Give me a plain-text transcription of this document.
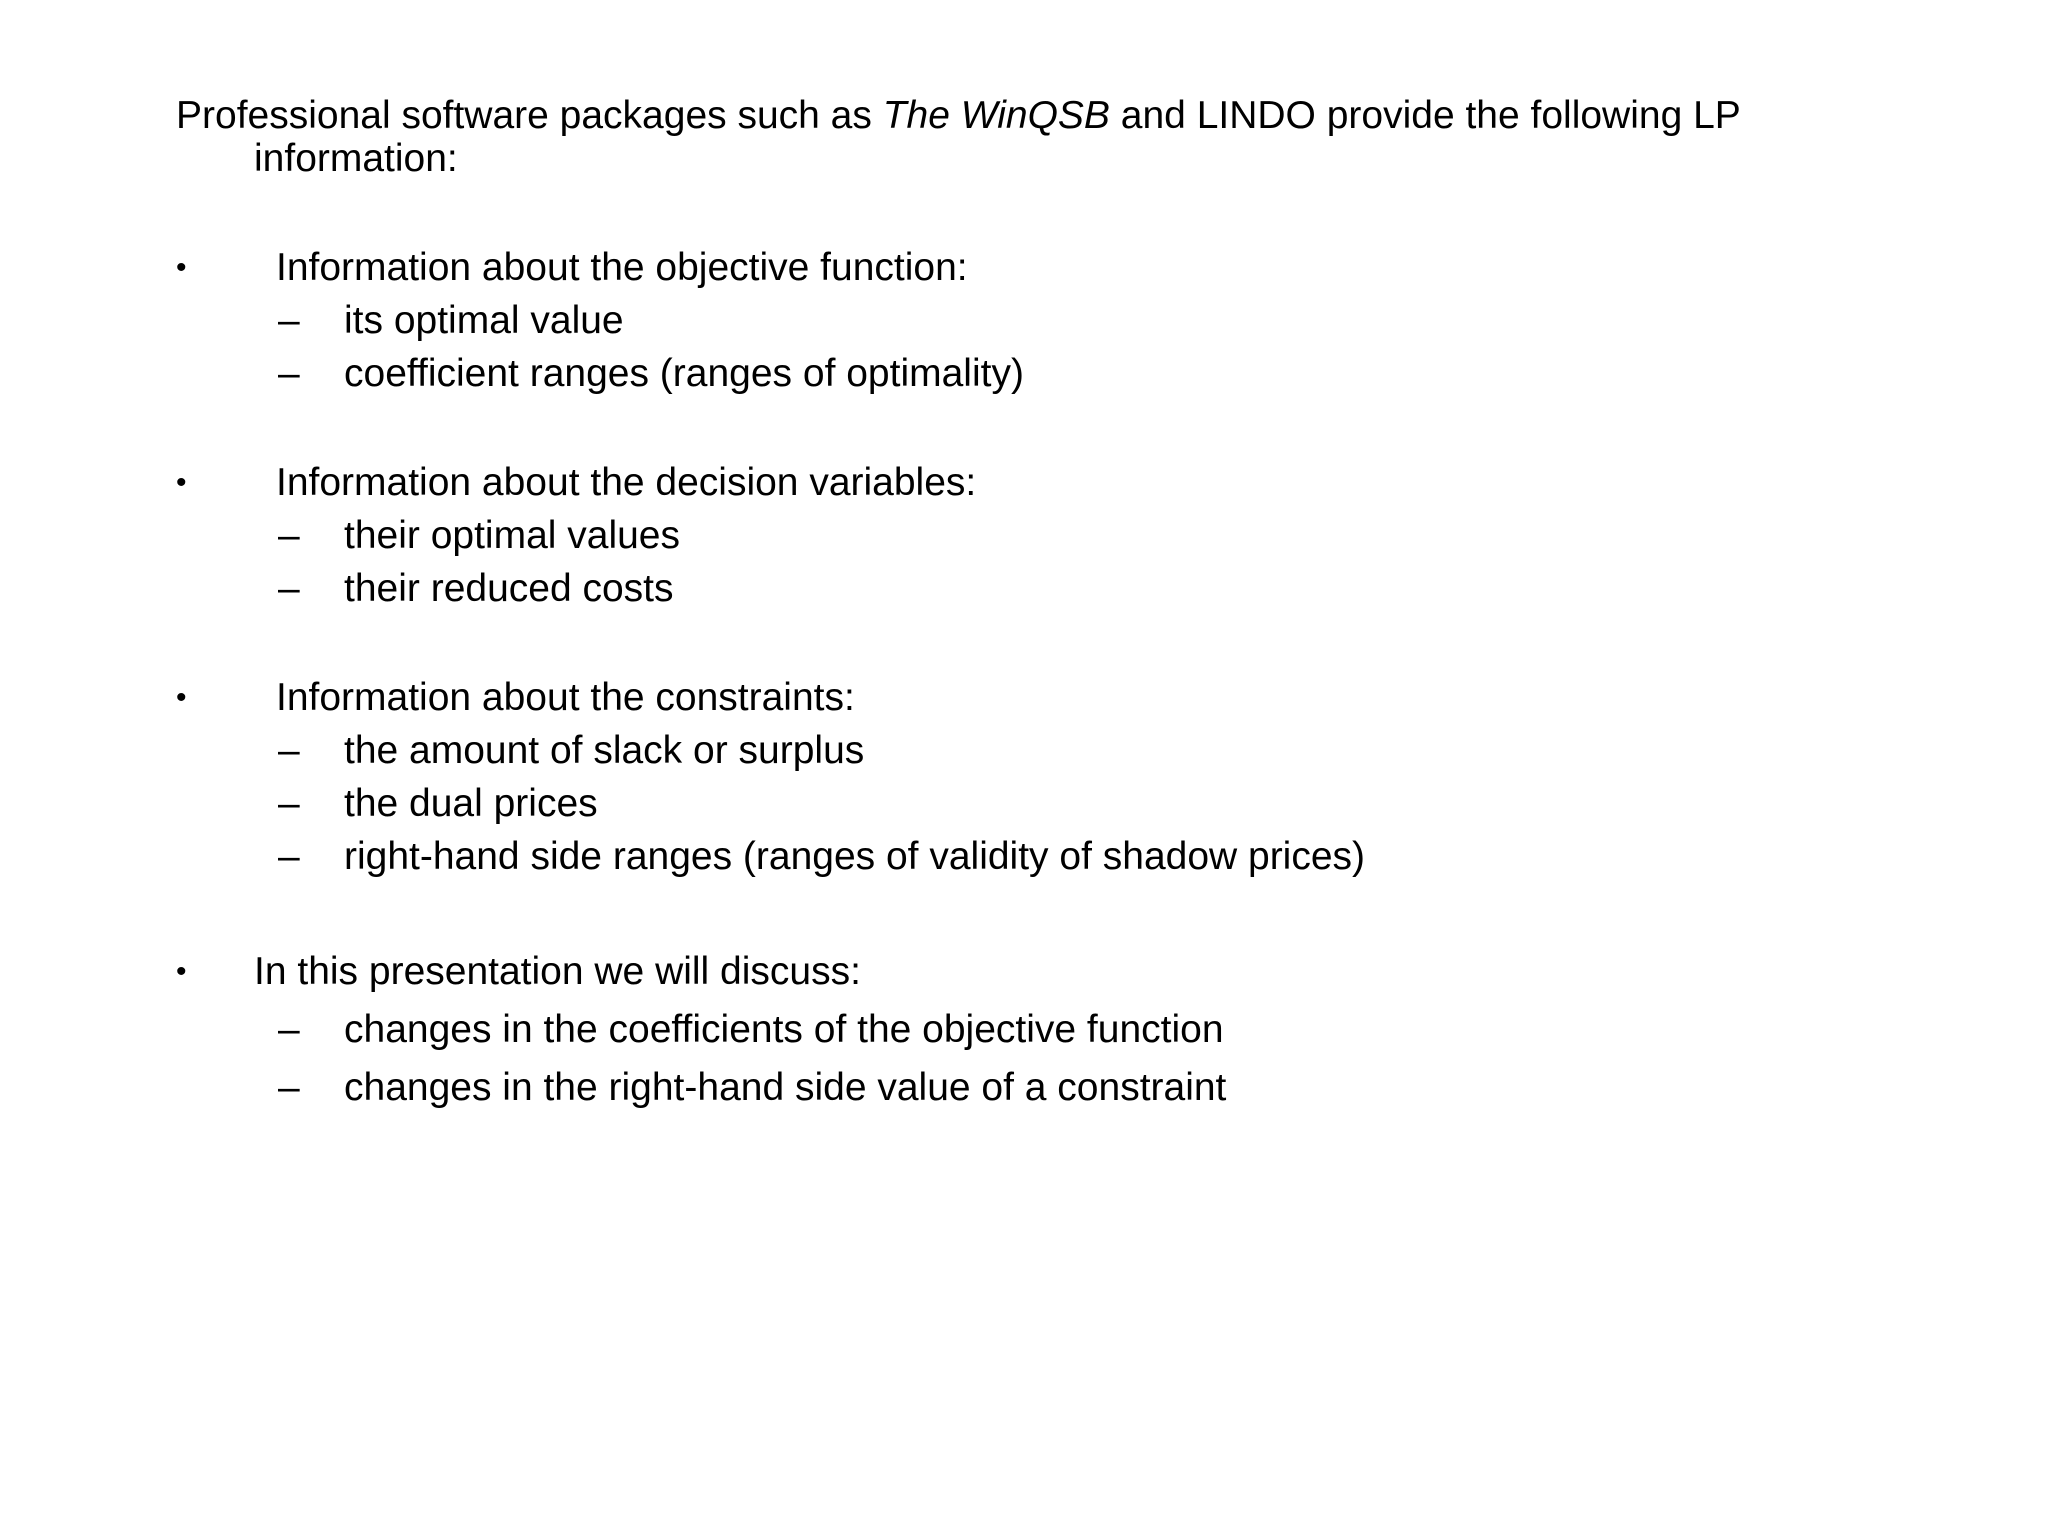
Professional software packages such as The WinQSB and LINDO provide the following LP
information:
• Information about the objective function:
– its optimal value
– coefficient ranges (ranges of optimality)
• Information about the decision variables:
– their optimal values
– their reduced costs
• Information about the constraints:
– the amount of slack or surplus
– the dual prices
– right-hand side ranges (ranges of validity of shadow prices)
• In this presentation we will discuss:
– changes in the coefficients of the objective function
– changes in the right-hand side value of a constraint
